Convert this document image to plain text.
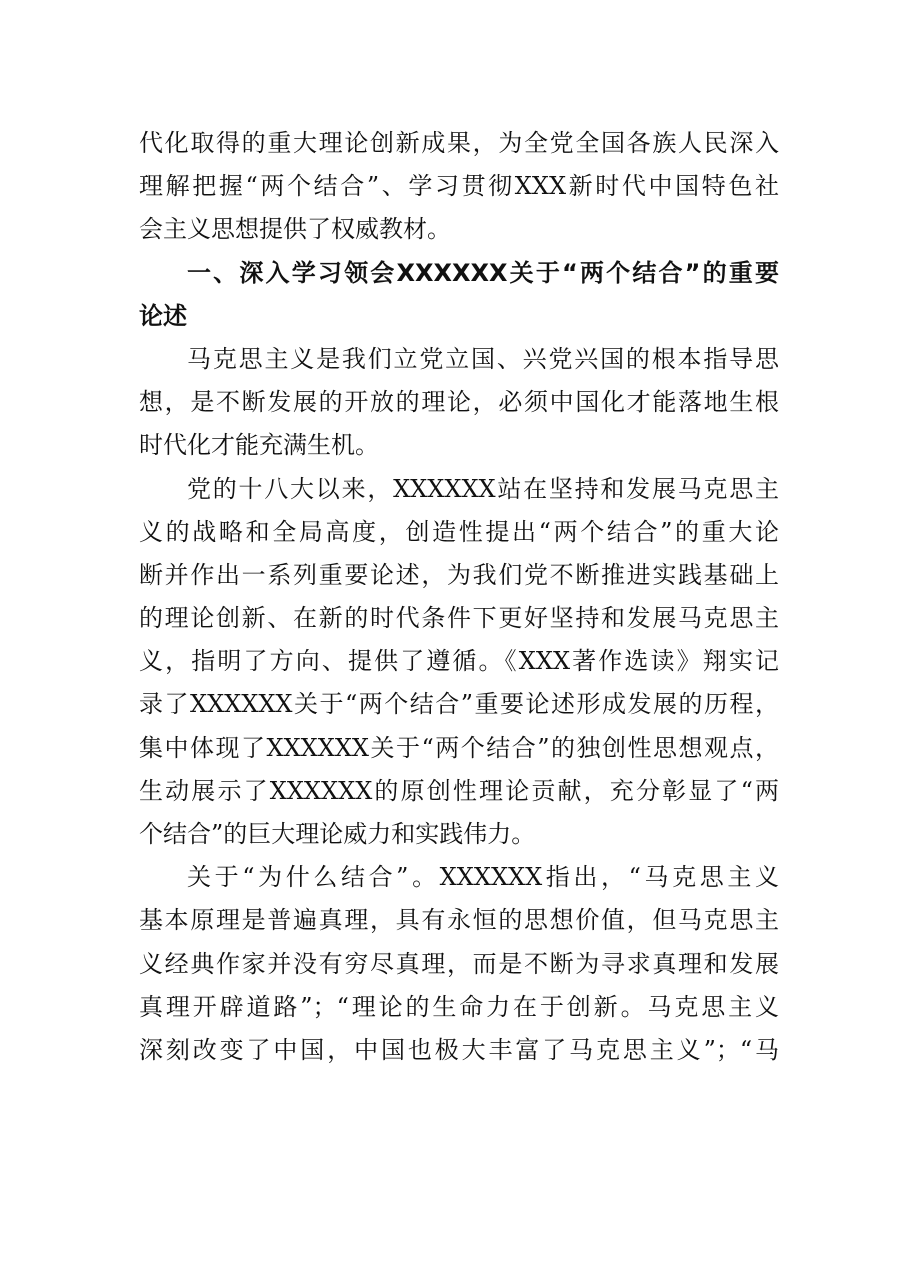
代化取得的重大理论创新成果，为全党全国各族人民深入
理解把握“两个结合”、学习贯彻XXX新时代中国特色社
会主义思想提供了权威教材。
一、深入学习领会XXXXXX关于“两个结合”的重要
论述
马克思主义是我们立党立国、兴党兴国的根本指导思
想，是不断发展的开放的理论，必须中国化才能落地生根
时代化才能充满生机。
党的十八大以来，XXXXXX站在坚持和发展马克思主
义的战略和全局高度，创造性提出“两个结合”的重大论
断并作出一系列重要论述，为我们党不断推进实践基础上
的理论创新、在新的时代条件下更好坚持和发展马克思主
义，指明了方向、提供了遵循。《XXX著作选读》翔实记
录了XXXXXX关于“两个结合”重要论述形成发展的历程，
集中体现了XXXXXX关于“两个结合”的独创性思想观点，
生动展示了XXXXXX的原创性理论贡献，充分彰显了“两
个结合”的巨大理论威力和实践伟力。
关于“为什么结合”。XXXXXX指出，“马克思主义
基本原理是普遍真理，具有永恒的思想价值，但马克思主
义经典作家并没有穷尽真理，而是不断为寻求真理和发展
真理开辟道路”；“理论的生命力在于创新。马克思主义
深刻改变了中国，中国也极大丰富了马克思主义”；“马
